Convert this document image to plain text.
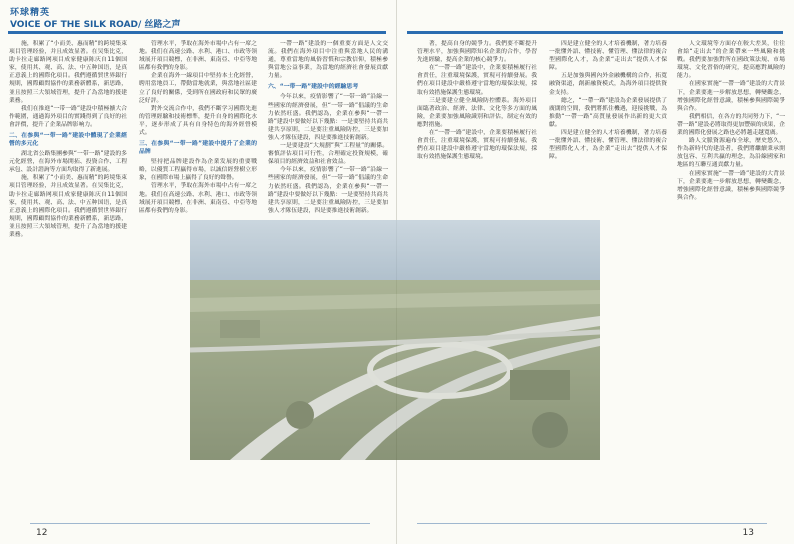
环球精英
VOICE OF THE SILK ROAD/ 丝路之声

施，积累了“小而美、惠而精”的跨境集束项目管理经验，并且成效显著。在吴集比克，助卡拉走廊路网项目成家健康陈庆自11個国家，使用其、观、高、法、中五种国语，是真正意義上的國際化項目。我們遵循貿世界銀行規則，國際顧問協作的業務新體系，新思路，並且按照三大領域管理，提升了為當地的援建業務。

我们在推進“一带一路”建設中積極擴大合作範圍，通過海外項目的實踐得到了良好的社會評價，提升了企業品牌影响力。

二、在参與“一带一路”建設中體現了企業經營的多元化

湖北省公路集團參與“一带一路”建設的多元化經營，在海外市場開拓、投資合作、工程承包、設計諮詢等方面均取得了新進展。

施，积累了“小而美、惠而精”的跨境集束项目管理经验，并且成效显著。在吴集比克，助卡拉走廊路网项目成家健康陈庆自11個国家，使用其、观、高、法、中五种国语，是真正意義上的國際化項目。我們遵循貿世界銀行規則，國際顧問協作的業務新體系，新思路，並且按照三大領域管理，提升了為當地的援建業務。

管理水平，爭取在海外市場中占有一席之地。我们在高速公路、水利、港口、市政等领域展开項目競標，在非洲、東南亞、中亞等地區都有我們的身影。

企業在海外一線項目中堅持本土化經營，聘用當地員工，帶動當地就業，與當地社區建立了良好的關係，受到所在國政府和民眾的廣泛好評。

對外交流合作中，我們不斷学习國際先進的管理經驗和技術標準，提升自身的國際化水平，逐步形成了具有自身特色的海外經營模式。

三、在参與“一带一路”建設中提升了企業的品牌

堅持把品牌建設作為企業发展的重要戰略，以優質工程贏得市場，以誠信經營樹立形象，在國際市場上贏得了良好的聲譽。

管理水平，爭取在海外市場中占有一席之地。我们在高速公路、水利、港口、市政等领域展开項目競標，在非洲、東南亞、中亞等地區都有我們的身影。

一帶一路”建設的一個重要方面是人文交流。我們在海外項目中注重與當地人民的溝通，尊重當地的風俗習慣和宗教信仰，積極參與當地公益事業，為當地的經濟社會發展貢獻力量。

六、“一带一路”建設中的經驗思考

今年以來，疫情影響了“一带一路”沿線一些國家的經濟發展，但“一带一路”倡議的生命力依然旺盛。我們認為，企業在參與“一帶一路”建設中要做好以下幾點：一是要堅持共商共建共享原則，二是要注重風險防控，三是要加強人才隊伍建設，四是要推進技術創新。

一是要建設“大規劃”與“工程量”的關係。審慎評估項目可行性，合理確定投資規模，確保項目的經濟效益和社會效益。

今年以來，疫情影響了“一带一路”沿線一些國家的經濟發展，但“一带一路”倡議的生命力依然旺盛。我們認為，企業在參與“一帶一路”建設中要做好以下幾點：一是要堅持共商共建共享原則，二是要注重風險防控，三是要加強人才隊伍建設，四是要推進技術創新。

12

著，提高自身的競爭力。我們要不斷提升管理水平，加強與國際知名企業的合作，學習先進經驗，提高企業的核心競爭力。

在“一帶一路”建設中，企業要積極履行社會責任，注重環境保護，實現可持續發展。我們在項目建設中嚴格遵守當地的環保法規，採取有效措施保護生態環境。

三是要建立健全風險防控體系。海外項目面臨著政治、經濟、法律、文化等多方面的風險，企業要加強風險識別和評估，制定有效的應對措施。

在“一帶一路”建設中，企業要積極履行社會責任，注重環境保護，實現可持續發展。我們在項目建設中嚴格遵守當地的環保法規，採取有效措施保護生態環境。

四是建立健全的人才培養機制，著力培養一批懂外語、懂技術、懂管理、懂法律的複合型國際化人才，為企業“走出去”提供人才保障。

五是加強與國內外金融機構的合作，拓寬融資渠道，創新融資模式，為海外項目提供資金支持。

總之，“一帶一路”建設為企業發展提供了廣闊的空間，我們將抓住機遇，迎接挑戰，為推動“一帶一路”高質量發展作出新的更大貢獻。

四是建立健全的人才培養機制，著力培養一批懂外語、懂技術、懂管理、懂法律的複合型國際化人才，為企業“走出去”提供人才保障。

人文環境等方面存在較大差異，往往會給“走出去”的企業帶來一些風險和挑戰。我們要加強對所在國政策法規、市場環境、文化習俗的研究，提高應對風險的能力。

在國家實施“一帶一路”建設的大背景下，企業要進一步解放思想，轉變觀念，增強國際化經營意識，積極參與國際競爭與合作。

我們相信，在各方的共同努力下，“一帶一路”建設必將取得更加豐碩的成果，企業的國際化發展之路也必將越走越寬廣。

路人文脈資源遍布全球，歷史悠久，作為新時代的建設者，我們將繼續秉承開放包容、互利共贏的理念，為沿線國家和地區的互聯互通貢獻力量。

在國家實施“一帶一路”建設的大背景下，企業要進一步解放思想，轉變觀念，增強國際化經營意識，積極參與國際競爭與合作。

13
